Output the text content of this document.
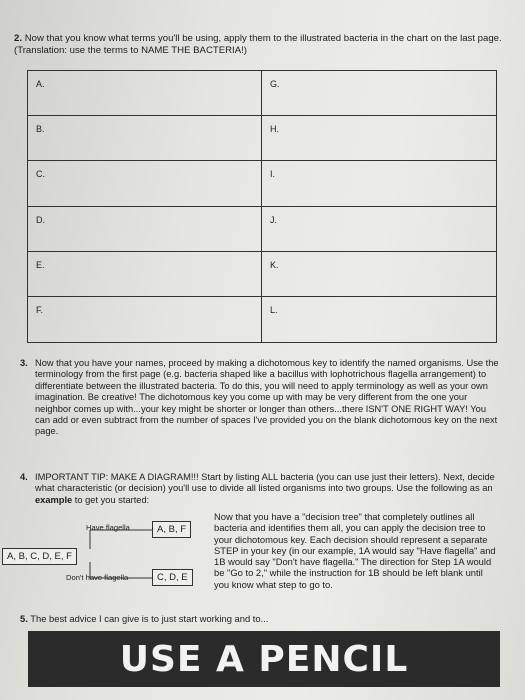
2. Now that you know what terms you'll be using, apply them to the illustrated bacteria in the chart on the last page. (Translation: use the terms to NAME THE BACTERIA!)
A.	G.
B.	H.
C.	I.
D.	J.
E.	K.
F.	L.
3. Now that you have your names, proceed by making a dichotomous key to identify the named organisms. Use the terminology from the first page (e.g. bacteria shaped like a bacillus with lophotrichous flagella arrangement) to differentiate between the illustrated bacteria. To do this, you will need to apply terminology as well as your own imagination. Be creative! The dichotomous key you come up with may be very different from the one your neighbor comes up with...your key might be shorter or longer than others...there ISN'T ONE RIGHT WAY! You can add or even subtract from the number of spaces I've provided you on the blank dichotomous key on the next page.
4. IMPORTANT TIP: MAKE A DIAGRAM!!! Start by listing ALL bacteria (you can use just their letters). Next, decide what characteristic (or decision) you'll use to divide all listed organisms into two groups. Use the following as an example to get you started:
A, B, C, D, E, F
Have flagella	A, B, F
Don't have flagella	C, D, E
Now that you have a "decision tree" that completely outlines all bacteria and identifies them all, you can apply the decision tree to your dichotomous key. Each decision should represent a separate STEP in your key (in our example, 1A would say "Have flagella" and 1B would say "Don't have flagella." The direction for Step 1A would be "Go to 2," while the instruction for 1B should be left blank until you know what step to go to.
5. The best advice I can give is to just start working and to...
USE A PENCIL
